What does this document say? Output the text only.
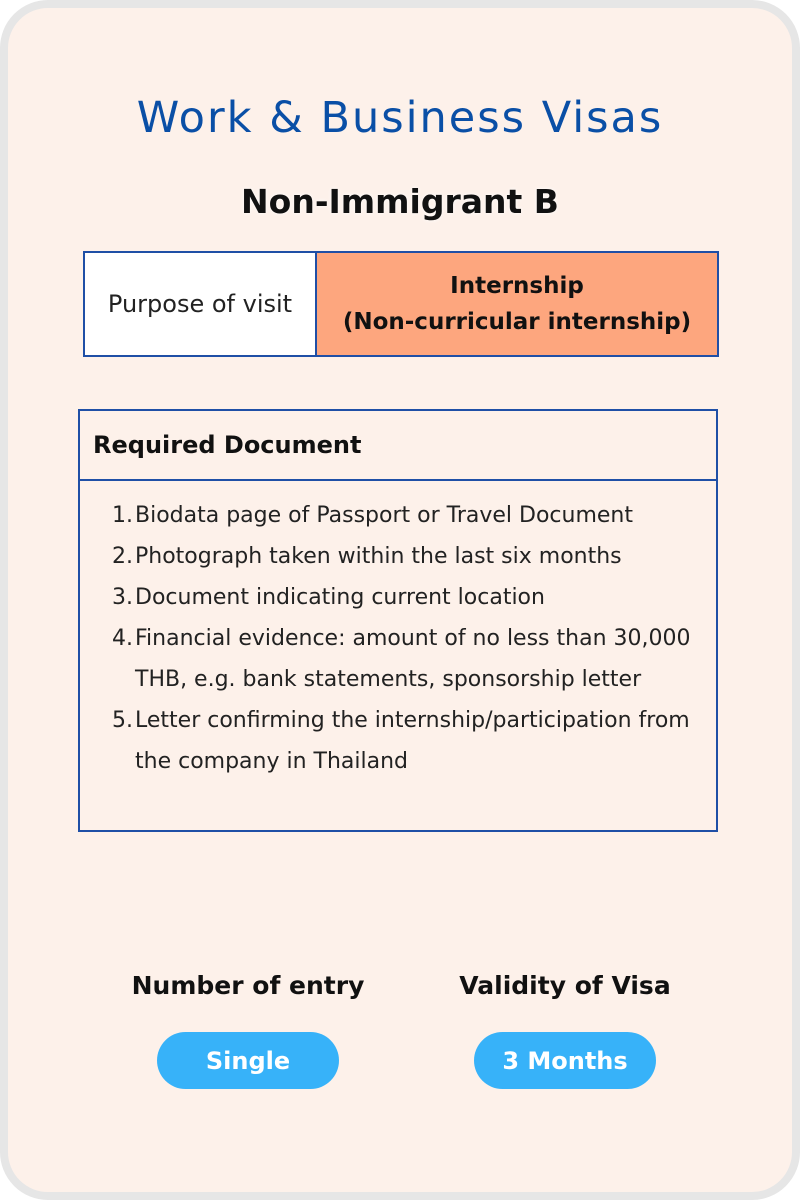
Work & Business Visas
Non-Immigrant B
Purpose of visit
Internship
(Non-curricular internship)
Required Document
1. Biodata page of Passport or Travel Document
2. Photograph taken within the last six months
3. Document indicating current location
4. Financial evidence: amount of no less than 30,000 THB, e.g. bank statements, sponsorship letter
5. Letter confirming the internship/participation from the company in Thailand
Number of entry
Single
Validity of Visa
3 Months
